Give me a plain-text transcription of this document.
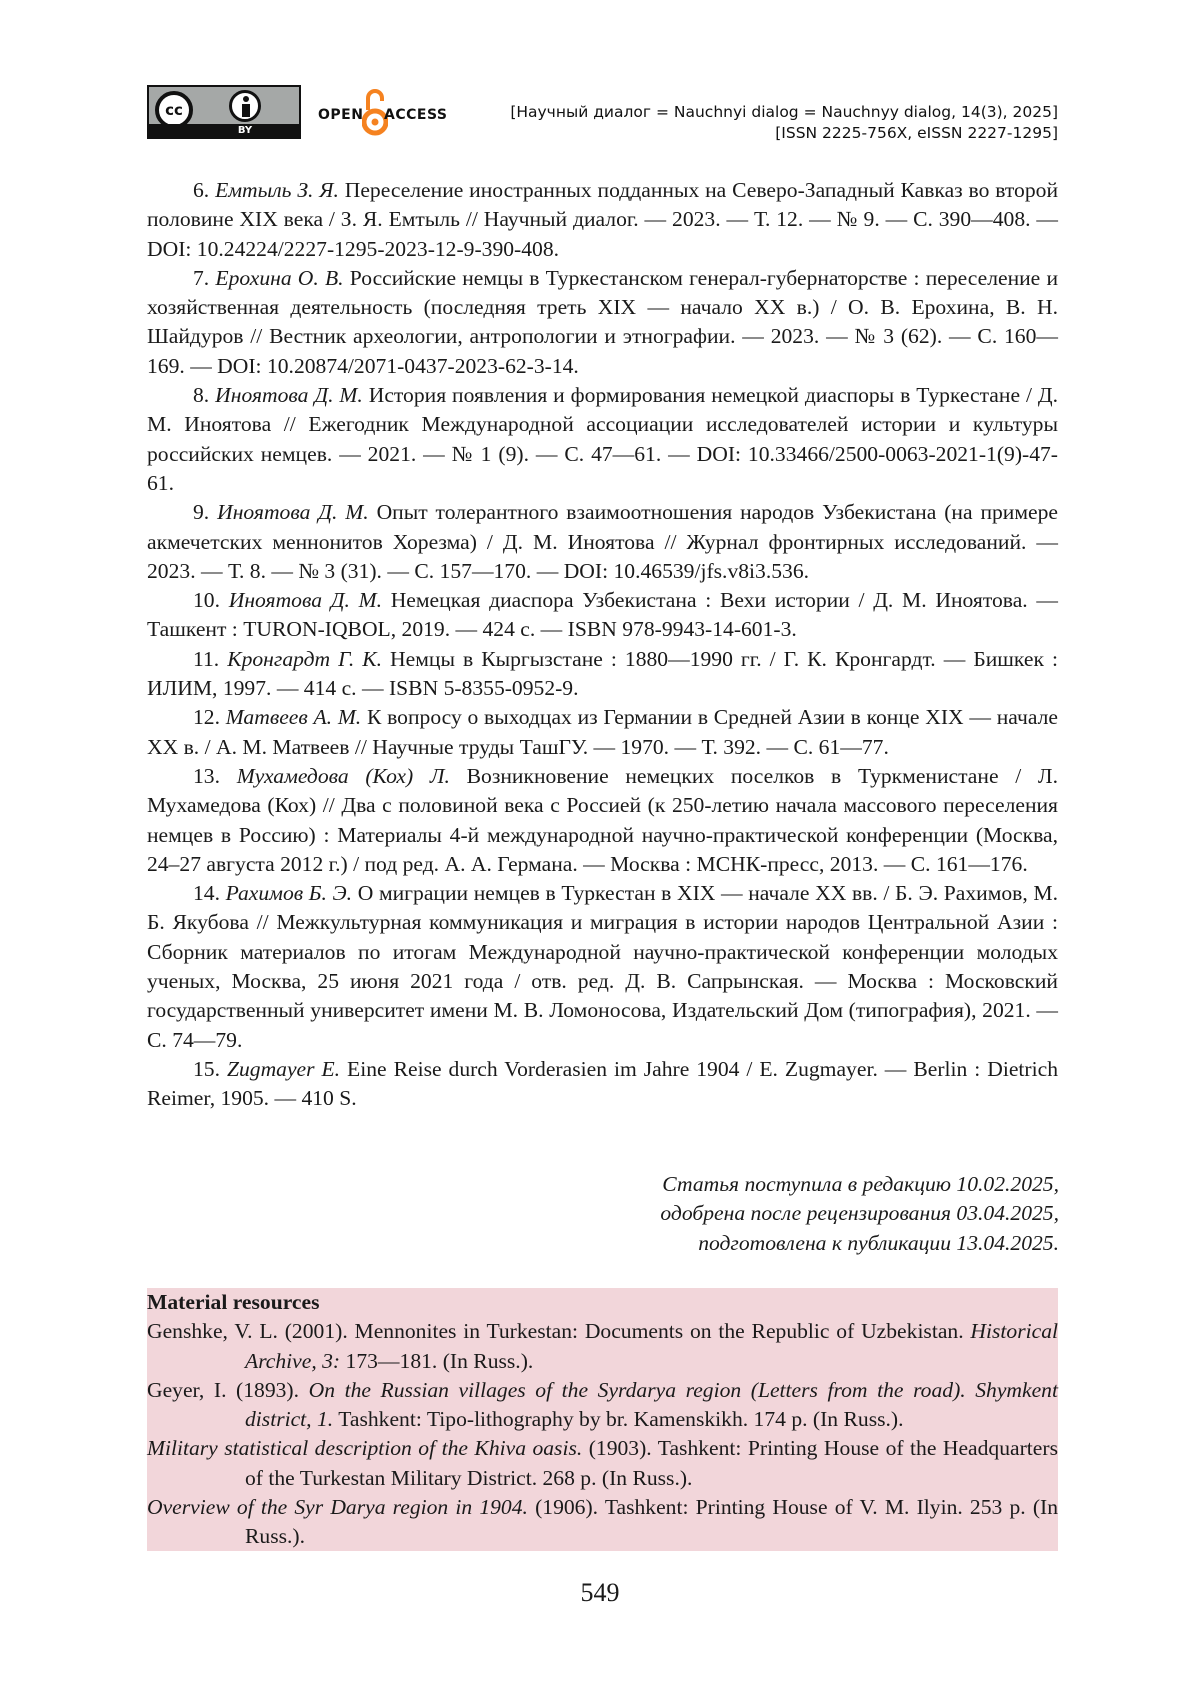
cc
BY
OPEN ACCESS	[Научный диалог = Nauchnyi dialog = Nauchnyy dialog, 14(3), 2025]
[ISSN 2225-756X, eISSN 2227-1295]

6. Емтыль З. Я. Переселение иностранных подданных на Северо-Западный Кавказ во второй половине XIX века / З. Я. Емтыль // Научный диалог. — 2023. — Т. 12. — № 9. — С. 390—408. — DOI: 10.24224/2227-1295-2023-12-9-390-408.

7. Ерохина О. В. Российские немцы в Туркестанском генерал-губернаторстве : переселение и хозяйственная деятельность (последняя треть XIX — начало XX в.) / О. В. Ерохина, В. Н. Шайдуров // Вестник археологии, антропологии и этнографии. — 2023. — № 3 (62). — С. 160—169. — DOI: 10.20874/2071-0437-2023-62-3-14.

8. Иноятова Д. М. История появления и формирования немецкой диаспоры в Туркестане / Д. М. Иноятова // Ежегодник Международной ассоциации исследователей истории и культуры российских немцев. — 2021. — № 1 (9). — С. 47—61. — DOI: 10.33466/2500-0063-2021-1(9)-47-61.

9. Иноятова Д. М. Опыт толерантного взаимоотношения народов Узбекистана (на примере акмечетских меннонитов Хорезма) / Д. М. Иноятова // Журнал фронтирных исследований. — 2023. — Т. 8. — № 3 (31). — С. 157—170. — DOI: 10.46539/jfs.v8i3.536.

10. Иноятова Д. М. Немецкая диаспора Узбекистана : Вехи истории / Д. М. Иноятова. — Ташкент : TURON-IQBOL, 2019. — 424 с. — ISBN 978-9943-14-601-3.

11. Кронгардт Г. К. Немцы в Кыргызстане : 1880—1990 гг. / Г. К. Кронгардт. — Бишкек : ИЛИМ, 1997. — 414 с. — ISBN 5-8355-0952-9.

12. Матвеев А. М. К вопросу о выходцах из Германии в Средней Азии в конце XIX — начале XX в. / А. М. Матвеев // Научные труды ТашГУ. — 1970. — Т. 392. — С. 61—77.

13. Мухамедова (Кох) Л. Возникновение немецких поселков в Туркменистане / Л. Мухамедова (Кох) // Два с половиной века с Россией (к 250-летию начала массового переселения немцев в Россию) : Материалы 4-й международной научно-практической конференции (Москва, 24–27 августа 2012 г.) / под ред. А. А. Германа. — Москва : МСНК-пресс, 2013. — С. 161—176.

14. Рахимов Б. Э. О миграции немцев в Туркестан в XIX — начале XX вв. / Б. Э. Рахимов, М. Б. Якубова // Межкультурная коммуникация и миграция в истории народов Центральной Азии : Сборник материалов по итогам Международной научно-практической конференции молодых ученых, Москва, 25 июня 2021 года / отв. ред. Д. В. Сапрынская. — Москва : Московский государственный университет имени М. В. Ломоносова, Издательский Дом (типография), 2021. — С. 74—79.

15. Zugmayer E. Eine Reise durch Vorderasien im Jahre 1904 / E. Zugmayer. — Berlin : Dietrich Reimer, 1905. — 410 S.

Статья поступила в редакцию 10.02.2025,
одобрена после рецензирования 03.04.2025,
подготовлена к публикации 13.04.2025.
Material resources

Genshke, V. L. (2001). Mennonites in Turkestan: Documents on the Republic of Uzbekistan. Historical Archive, 3: 173—181. (In Russ.).

Geyer, I. (1893). On the Russian villages of the Syrdarya region (Letters from the road). Shymkent district, 1. Tashkent: Tipo-lithography by br. Kamenskikh. 174 p. (In Russ.).

Military statistical description of the Khiva oasis. (1903). Tashkent: Printing House of the Headquarters of the Turkestan Military District. 268 p. (In Russ.).

Overview of the Syr Darya region in 1904. (1906). Tashkent: Printing House of V. M. Ilyin. 253 p. (In Russ.).

549
